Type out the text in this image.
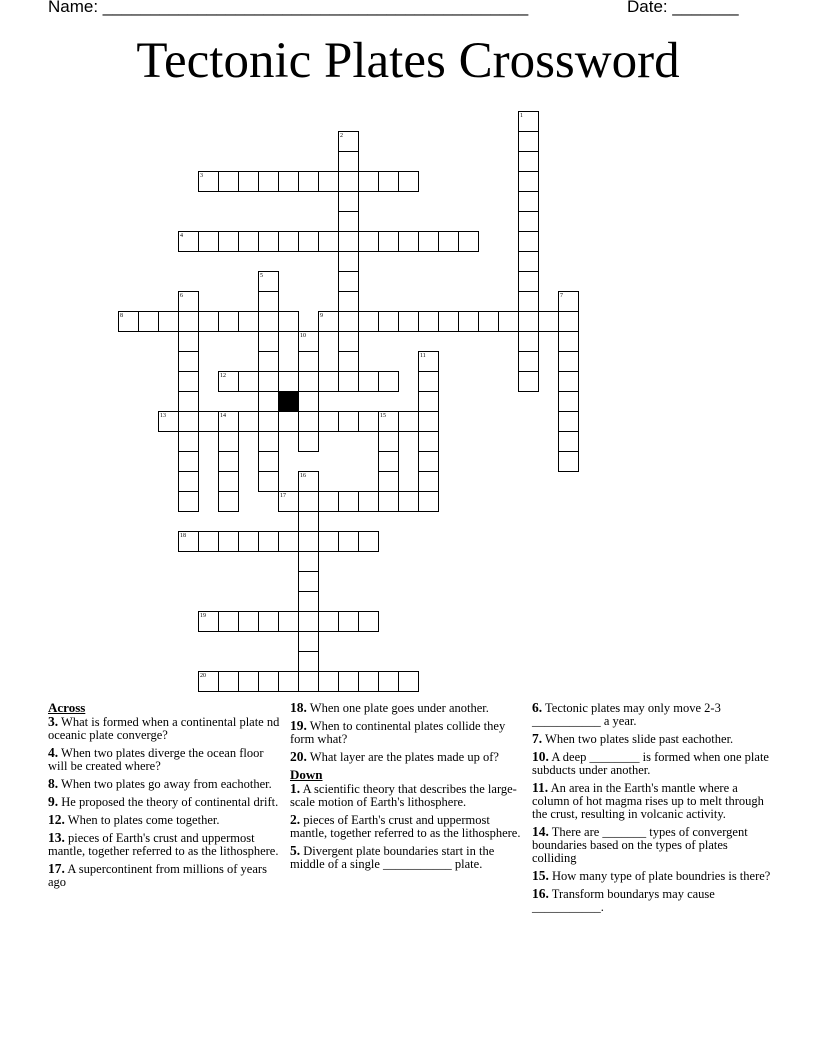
Name: _____________________________________________	Date: _______
Tectonic Plates Crossword
1
2
3
4
5
6	7
8	9
10
11
12
13	14	15
16
17
18
19
20
Across
3. What is formed when a continental plate nd oceanic plate converge?
4. When two plates diverge the ocean floor will be created where?
8. When two plates go away from eachother.
9. He proposed the theory of continental drift.
12. When to plates come together.
13. pieces of Earth's crust and uppermost mantle, together referred to as the lithosphere.
17. A supercontinent from millions of years ago
18. When one plate goes under another.
19. When to continental plates collide they form what?
20. What layer are the plates made up of?
Down
1. A scientific theory that describes the large-scale motion of Earth's lithosphere.
2. pieces of Earth's crust and uppermost mantle, together referred to as the lithosphere.
5. Divergent plate boundaries start in the middle of a single ___________ plate.
6. Tectonic plates may only move 2-3 ___________ a year.
7. When two plates slide past eachother.
10. A deep ________ is formed when one plate subducts under another.
11. An area in the Earth's mantle where a column of hot magma rises up to melt through the crust, resulting in volcanic activity.
14. There are _______ types of convergent boundaries based on the types of plates colliding
15. How many type of plate boundries is there?
16. Transform boundarys may cause ___________.
